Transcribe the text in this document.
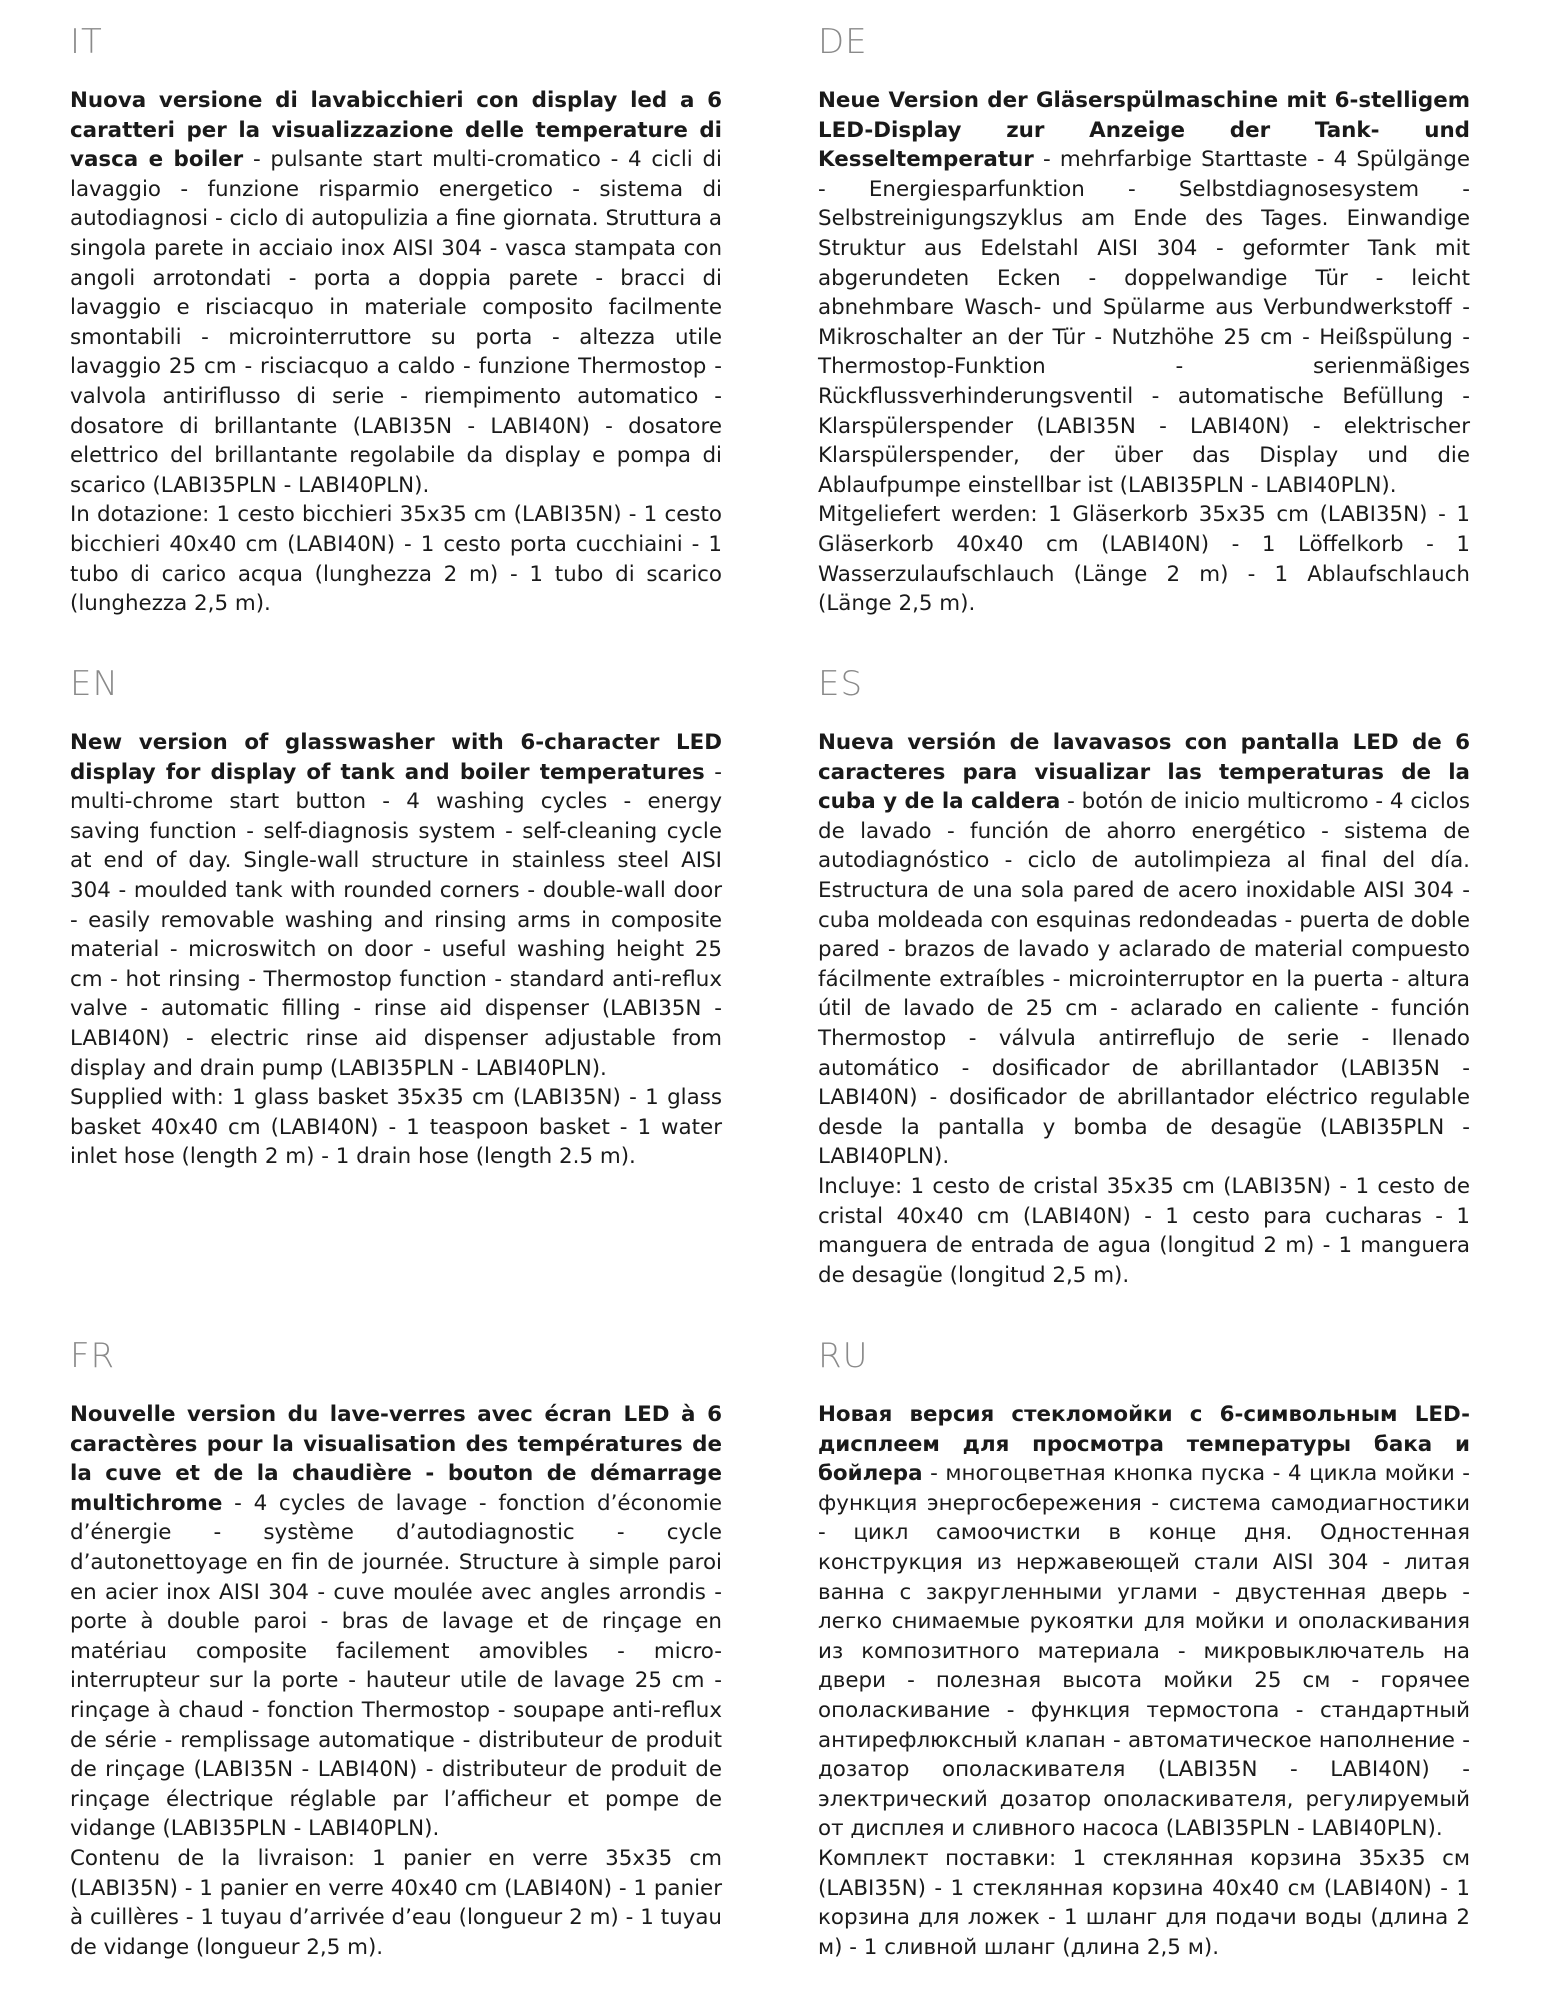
IT

Nuova versione di lavabicchieri con display led a 6 caratteri per la visualizzazione delle temperature di vasca e boiler - pulsante start multi-cromatico - 4 cicli di lavaggio - funzione risparmio energetico - sistema di autodiagnosi - ciclo di autopulizia a fine giornata. Struttura a singola parete in acciaio inox AISI 304 - vasca stampata con angoli arrotondati - porta a doppia parete - bracci di lavaggio e risciacquo in materiale composito facilmente smontabili - microinterruttore su porta - altezza utile lavaggio 25 cm - risciacquo a caldo - funzione Thermostop - valvola antiriflusso di serie - riempimento automatico - dosatore di brillantante (LABI35N - LABI40N) - dosatore elettrico del brillantante regolabile da display e pompa di scarico (LABI35PLN - LABI40PLN).
In dotazione: 1 cesto bicchieri 35x35 cm (LABI35N) - 1 cesto bicchieri 40x40 cm (LABI40N) - 1 cesto porta cucchiaini - 1 tubo di carico acqua (lunghezza 2 m) - 1 tubo di scarico (lunghezza 2,5 m).

DE

Neue Version der Gläserspülmaschine mit 6-stelligem LED-Display zur Anzeige der Tank- und Kesseltemperatur - mehrfarbige Starttaste - 4 Spülgänge - Energiesparfunktion - Selbstdiagnosesystem - Selbstreinigungszyklus am Ende des Tages. Einwandige Struktur aus Edelstahl AISI 304 - geformter Tank mit abgerundeten Ecken - doppelwandige Tür - leicht abnehmbare Wasch- und Spülarme aus Verbundwerkstoff - Mikroschalter an der Tür - Nutzhöhe 25 cm - Heißspülung - Thermostop-Funktion - serienmäßiges Rückflussverhinderungsventil - automatische Befüllung - Klarspülerspender (LABI35N - LABI40N) - elektrischer Klarspülerspender, der über das Display und die Ablaufpumpe einstellbar ist (LABI35PLN - LABI40PLN).
Mitgeliefert werden: 1 Gläserkorb 35x35 cm (LABI35N) - 1 Gläserkorb 40x40 cm (LABI40N) - 1 Löffelkorb - 1 Wasserzulaufschlauch (Länge 2 m) - 1 Ablaufschlauch (Länge 2,5 m).

EN

New version of glasswasher with 6-character LED display for display of tank and boiler temperatures - multi-chrome start button - 4 washing cycles - energy saving function - self-diagnosis system - self-cleaning cycle at end of day. Single-wall structure in stainless steel AISI 304 - moulded tank with rounded corners - double-wall door - easily removable washing and rinsing arms in composite material - microswitch on door - useful washing height 25 cm - hot rinsing - Thermostop function - standard anti-reflux valve - automatic filling - rinse aid dispenser (LABI35N - LABI40N) - electric rinse aid dispenser adjustable from display and drain pump (LABI35PLN - LABI40PLN).
Supplied with: 1 glass basket 35x35 cm (LABI35N) - 1 glass basket 40x40 cm (LABI40N) - 1 teaspoon basket - 1 water inlet hose (length 2 m) - 1 drain hose (length 2.5 m).

ES

Nueva versión de lavavasos con pantalla LED de 6 caracteres para visualizar las temperaturas de la cuba y de la caldera - botón de inicio multicromo - 4 ciclos de lavado - función de ahorro energético - sistema de autodiagnóstico - ciclo de autolimpieza al final del día. Estructura de una sola pared de acero inoxidable AISI 304 - cuba moldeada con esquinas redondeadas - puerta de doble pared - brazos de lavado y aclarado de material compuesto fácilmente extraíbles - microinterruptor en la puerta - altura útil de lavado de 25 cm - aclarado en caliente - función Thermostop - válvula antirreflujo de serie - llenado automático - dosificador de abrillantador (LABI35N - LABI40N) - dosificador de abrillantador eléctrico regulable desde la pantalla y bomba de desagüe (LABI35PLN - LABI40PLN).
Incluye: 1 cesto de cristal 35x35 cm (LABI35N) - 1 cesto de cristal 40x40 cm (LABI40N) - 1 cesto para cucharas - 1 manguera de entrada de agua (longitud 2 m) - 1 manguera de desagüe (longitud 2,5 m).

FR

Nouvelle version du lave-verres avec écran LED à 6 caractères pour la visualisation des températures de la cuve et de la chaudière - bouton de démarrage multichrome - 4 cycles de lavage - fonction d’économie d’énergie - système d’autodiagnostic - cycle d’autonettoyage en fin de journée. Structure à simple paroi en acier inox AISI 304 - cuve moulée avec angles arrondis - porte à double paroi - bras de lavage et de rinçage en matériau composite facilement amovibles - micro-interrupteur sur la porte - hauteur utile de lavage 25 cm - rinçage à chaud - fonction Thermostop - soupape anti-reflux de série - remplissage automatique - distributeur de produit de rinçage (LABI35N - LABI40N) - distributeur de produit de rinçage électrique réglable par l’afficheur et pompe de vidange (LABI35PLN - LABI40PLN).
Contenu de la livraison: 1 panier en verre 35x35 cm (LABI35N) - 1 panier en verre 40x40 cm (LABI40N) - 1 panier à cuillères - 1 tuyau d’arrivée d’eau (longueur 2 m) - 1 tuyau de vidange (longueur 2,5 m).

RU

Новая версия стекломойки с 6-символьным LED-дисплеем для просмотра температуры бака и бойлера - многоцветная кнопка пуска - 4 цикла мойки - функция энергосбережения - система самодиагностики - цикл самоочистки в конце дня. Одностенная конструкция из нержавеющей стали AISI 304 - литая ванна с закругленными углами - двустенная дверь - легко снимаемые рукоятки для мойки и ополаскивания из композитного материала - микровыключатель на двери - полезная высота мойки 25 см - горячее ополаскивание - функция термостопа - стандартный антирефлюксный клапан - автоматическое наполнение - дозатор ополаскивателя (LABI35N - LABI40N) - электрический дозатор ополаскивателя, регулируемый от дисплея и сливного насоса (LABI35PLN - LABI40PLN).
Комплект поставки: 1 стеклянная корзина 35x35 см (LABI35N) - 1 стеклянная корзина 40x40 см (LABI40N) - 1 корзина для ложек - 1 шланг для подачи воды (длина 2 м) - 1 сливной шланг (длина 2,5 м).
